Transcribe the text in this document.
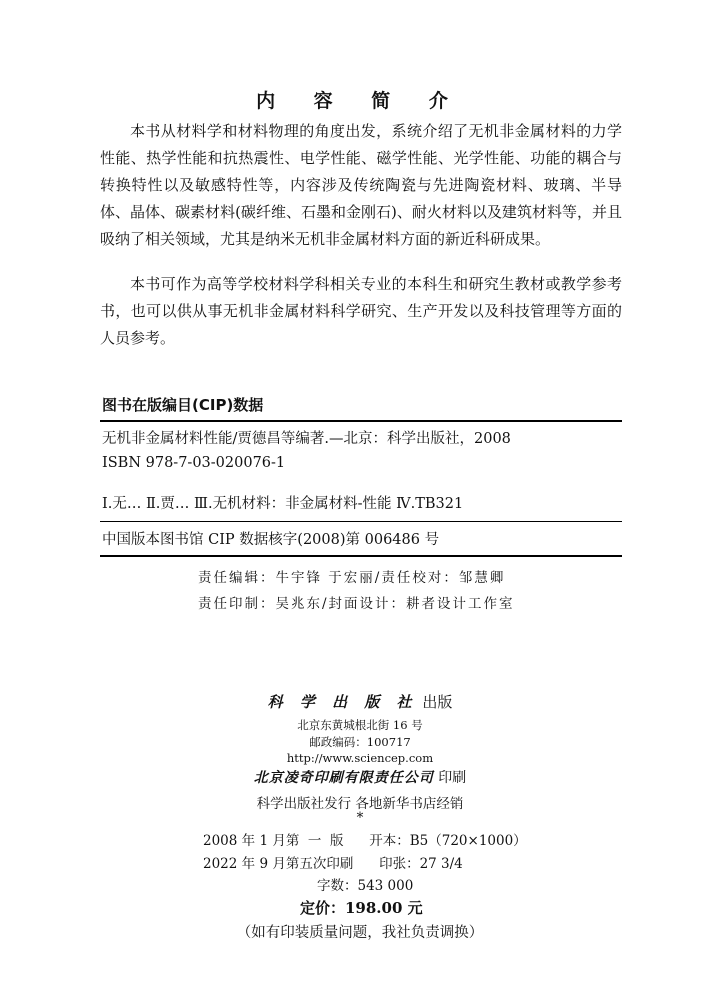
内 容 简 介

本书从材料学和材料物理的角度出发，系统介绍了无机非金属材料的力学性能、热学性能和抗热震性、电学性能、磁学性能、光学性能、功能的耦合与转换特性以及敏感特性等，内容涉及传统陶瓷与先进陶瓷材料、玻璃、半导体、晶体、碳素材料(碳纤维、石墨和金刚石)、耐火材料以及建筑材料等，并且吸纳了相关领域，尤其是纳米无机非金属材料方面的新近科研成果。

本书可作为高等学校材料学科相关专业的本科生和研究生教材或教学参考书，也可以供从事无机非金属材料科学研究、生产开发以及科技管理等方面的人员参考。

图书在版编目(CIP)数据
无机非金属材料性能/贾德昌等编著.—北京：科学出版社，2008
ISBN 978-7-03-020076-1
Ⅰ.无… Ⅱ.贾… Ⅲ.无机材料：非金属材料-性能 Ⅳ.TB321
中国版本图书馆 CIP 数据核字(2008)第 006486 号
责任编辑：牛宇锋 于宏丽/责任校对：邹慧卿
责任印制：吴兆东/封面设计：耕者设计工作室
科 学 出 版 社 出版
北京东黄城根北街 16 号
邮政编码：100717
http://www.sciencep.com
北京凌奇印刷有限责任公司 印刷
科学出版社发行 各地新华书店经销
*
2008 年 1 月第  一  版      开本：B5（720×1000）
2022 年 9 月第五次印刷      印张：27 3/4
字数：543 000
定价：198.00 元
（如有印装质量问题，我社负责调换）
